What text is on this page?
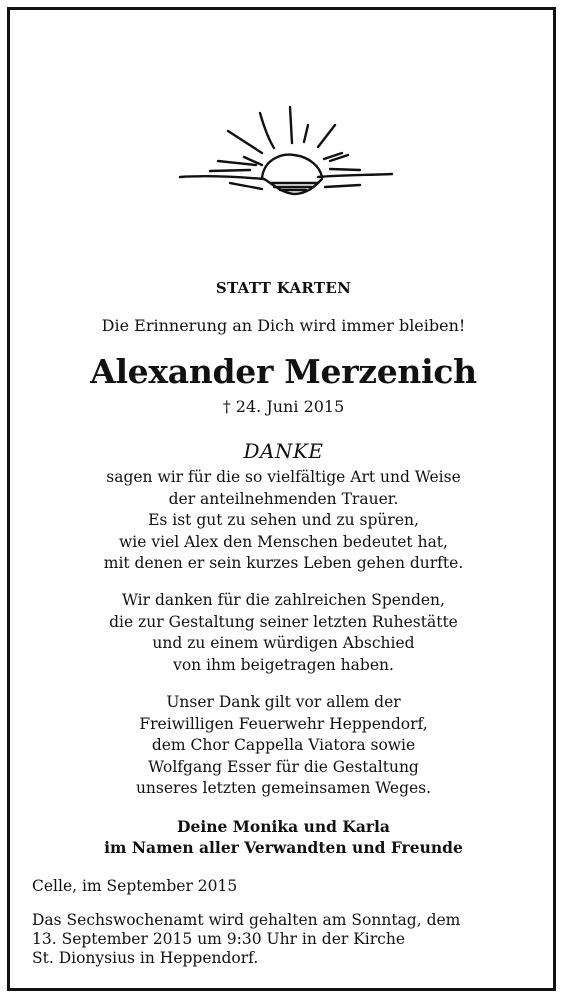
STATT KARTEN
Die Erinnerung an Dich wird immer bleiben!
Alexander Merzenich
† 24. Juni 2015
DANKE
sagen wir für die so vielfältige Art und Weise
der anteilnehmenden Trauer.
Es ist gut zu sehen und zu spüren,
wie viel Alex den Menschen bedeutet hat,
mit denen er sein kurzes Leben gehen durfte.
Wir danken für die zahlreichen Spenden,
die zur Gestaltung seiner letzten Ruhestätte
und zu einem würdigen Abschied
von ihm beigetragen haben.
Unser Dank gilt vor allem der
Freiwilligen Feuerwehr Heppendorf,
dem Chor Cappella Viatora sowie
Wolfgang Esser für die Gestaltung
unseres letzten gemeinsamen Weges.
Deine Monika und Karla
im Namen aller Verwandten und Freunde
Celle, im September 2015
Das Sechswochenamt wird gehalten am Sonntag, dem
13. September 2015 um 9:30 Uhr in der Kirche
St. Dionysius in Heppendorf.
